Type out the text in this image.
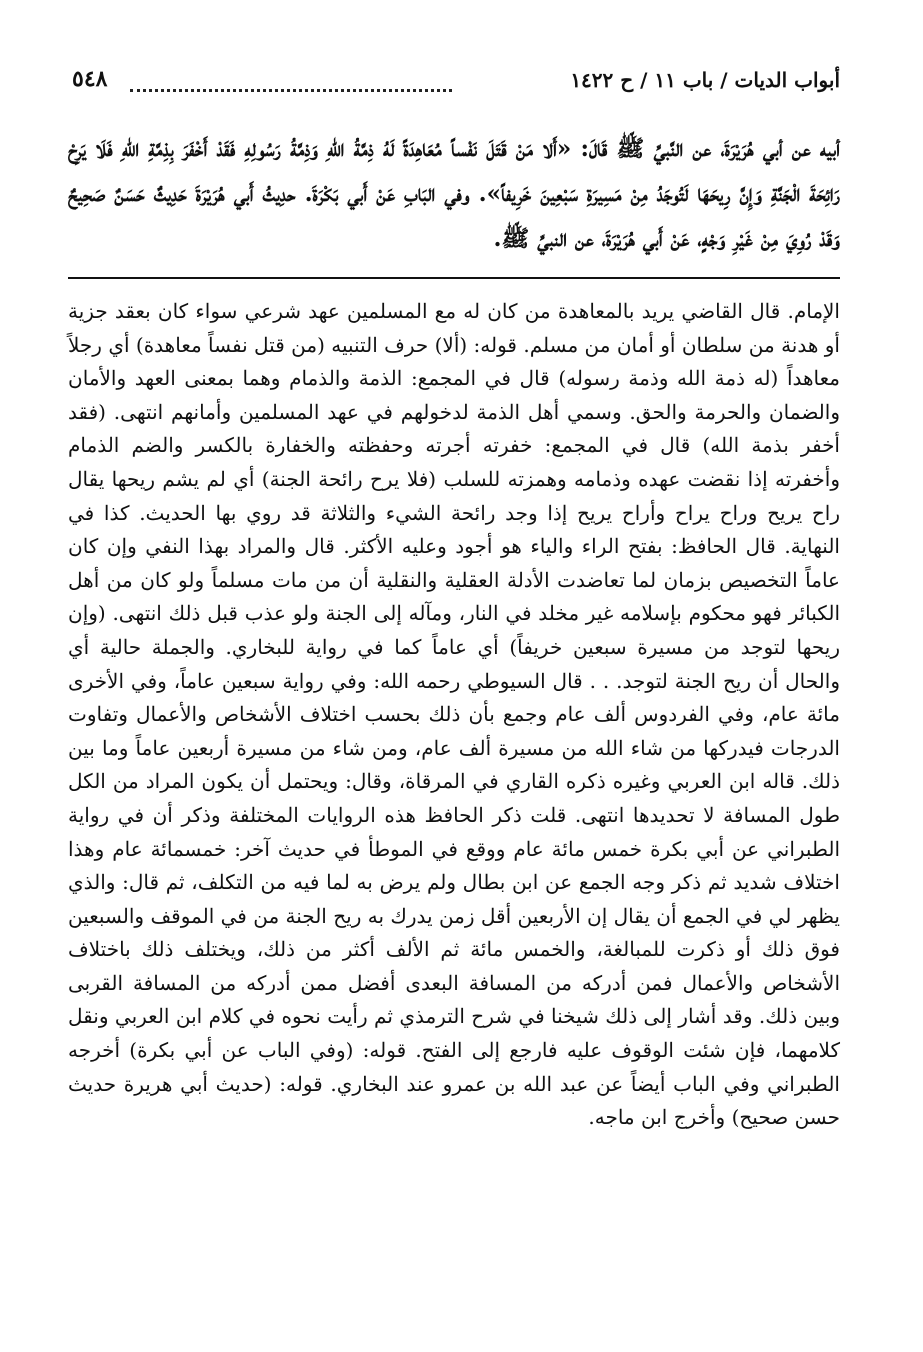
أبواب الديات / باب ١١ / ح ١٤٢٢
٥٤٨
أبيه عن أبي هُرَيْرَةَ، عن النَّبيِّ ﷺ قَالَ: «أَلا مَنْ قَتَلَ نَفْساً مُعَاهِدَةً لَهُ ذِمَّةُ اللهِ وَذِمَّةُ رَسُولِهِ فَقَدْ أَخْفَرَ بِذِمَّةِ اللهِ فَلَا يَرِحْ رَائِحَةَ الْجَنَّةِ وَإِنَّ رِيحَهَا لَتُوجَدُ مِنْ مَسِيرَةِ سَبْعِينَ خَرِيفاً». وفي البَابِ عَنْ أَبي بَكْرَةَ. حدِيثُ أَبي هُرَيْرَةَ حَدِيثٌ حَسَنٌ صَحِيحٌ وَقَدْ رُوِيَ مِنْ غَيْرِ وَجْهٍ، عَنْ أَبي هُرَيْرَةَ، عن النبيِّ ﷺ.

الإمام. قال القاضي يريد بالمعاهدة من كان له مع المسلمين عهد شرعي سواء كان بعقد جزية أو هدنة من سلطان أو أمان من مسلم. قوله: (ألا) حرف التنبيه (من قتل نفساً معاهدة) أي رجلاً معاهداً (له ذمة الله وذمة رسوله) قال في المجمع: الذمة والذمام وهما بمعنى العهد والأمان والضمان والحرمة والحق. وسمي أهل الذمة لدخولهم في عهد المسلمين وأمانهم انتهى. (فقد أخفر بذمة الله) قال في المجمع: خفرته أجرته وحفظته والخفارة بالكسر والضم الذمام وأخفرته إذا نقضت عهده وذمامه وهمزته للسلب (فلا يرح رائحة الجنة) أي لم يشم ريحها يقال راح يريح وراح يراح وأراح يريح إذا وجد رائحة الشيء والثلاثة قد روي بها الحديث. كذا في النهاية. قال الحافظ: بفتح الراء والياء هو أجود وعليه الأكثر. قال والمراد بهذا النفي وإن كان عاماً التخصيص بزمان لما تعاضدت الأدلة العقلية والنقلية أن من مات مسلماً ولو كان من أهل الكبائر فهو محكوم بإسلامه غير مخلد في النار، ومآله إلى الجنة ولو عذب قبل ذلك انتهى. (وإن ريحها لتوجد من مسيرة سبعين خريفاً) أي عاماً كما في رواية للبخاري. والجملة حالية أي والحال أن ريح الجنة لتوجد. . . قال السيوطي رحمه الله: وفي رواية سبعين عاماً، وفي الأخرى مائة عام، وفي الفردوس ألف عام وجمع بأن ذلك بحسب اختلاف الأشخاص والأعمال وتفاوت الدرجات فيدركها من شاء الله من مسيرة ألف عام، ومن شاء من مسيرة أربعين عاماً وما بين ذلك. قاله ابن العربي وغيره ذكره القاري في المرقاة، وقال: ويحتمل أن يكون المراد من الكل طول المسافة لا تحديدها انتهى. قلت ذكر الحافظ هذه الروايات المختلفة وذكر أن في رواية الطبراني عن أبي بكرة خمس مائة عام ووقع في الموطأ في حديث آخر: خمسمائة عام وهذا اختلاف شديد ثم ذكر وجه الجمع عن ابن بطال ولم يرض به لما فيه من التكلف، ثم قال: والذي يظهر لي في الجمع أن يقال إن الأربعين أقل زمن يدرك به ريح الجنة من في الموقف والسبعين فوق ذلك أو ذكرت للمبالغة، والخمس مائة ثم الألف أكثر من ذلك، ويختلف ذلك باختلاف الأشخاص والأعمال فمن أدركه من المسافة البعدى أفضل ممن أدركه من المسافة القربى وبين ذلك. وقد أشار إلى ذلك شيخنا في شرح الترمذي ثم رأيت نحوه في كلام ابن العربي ونقل كلامهما، فإن شئت الوقوف عليه فارجع إلى الفتح. قوله: (وفي الباب عن أبي بكرة) أخرجه الطبراني وفي الباب أيضاً عن عبد الله بن عمرو عند البخاري. قوله: (حديث أبي هريرة حديث حسن صحيح) وأخرج ابن ماجه.
